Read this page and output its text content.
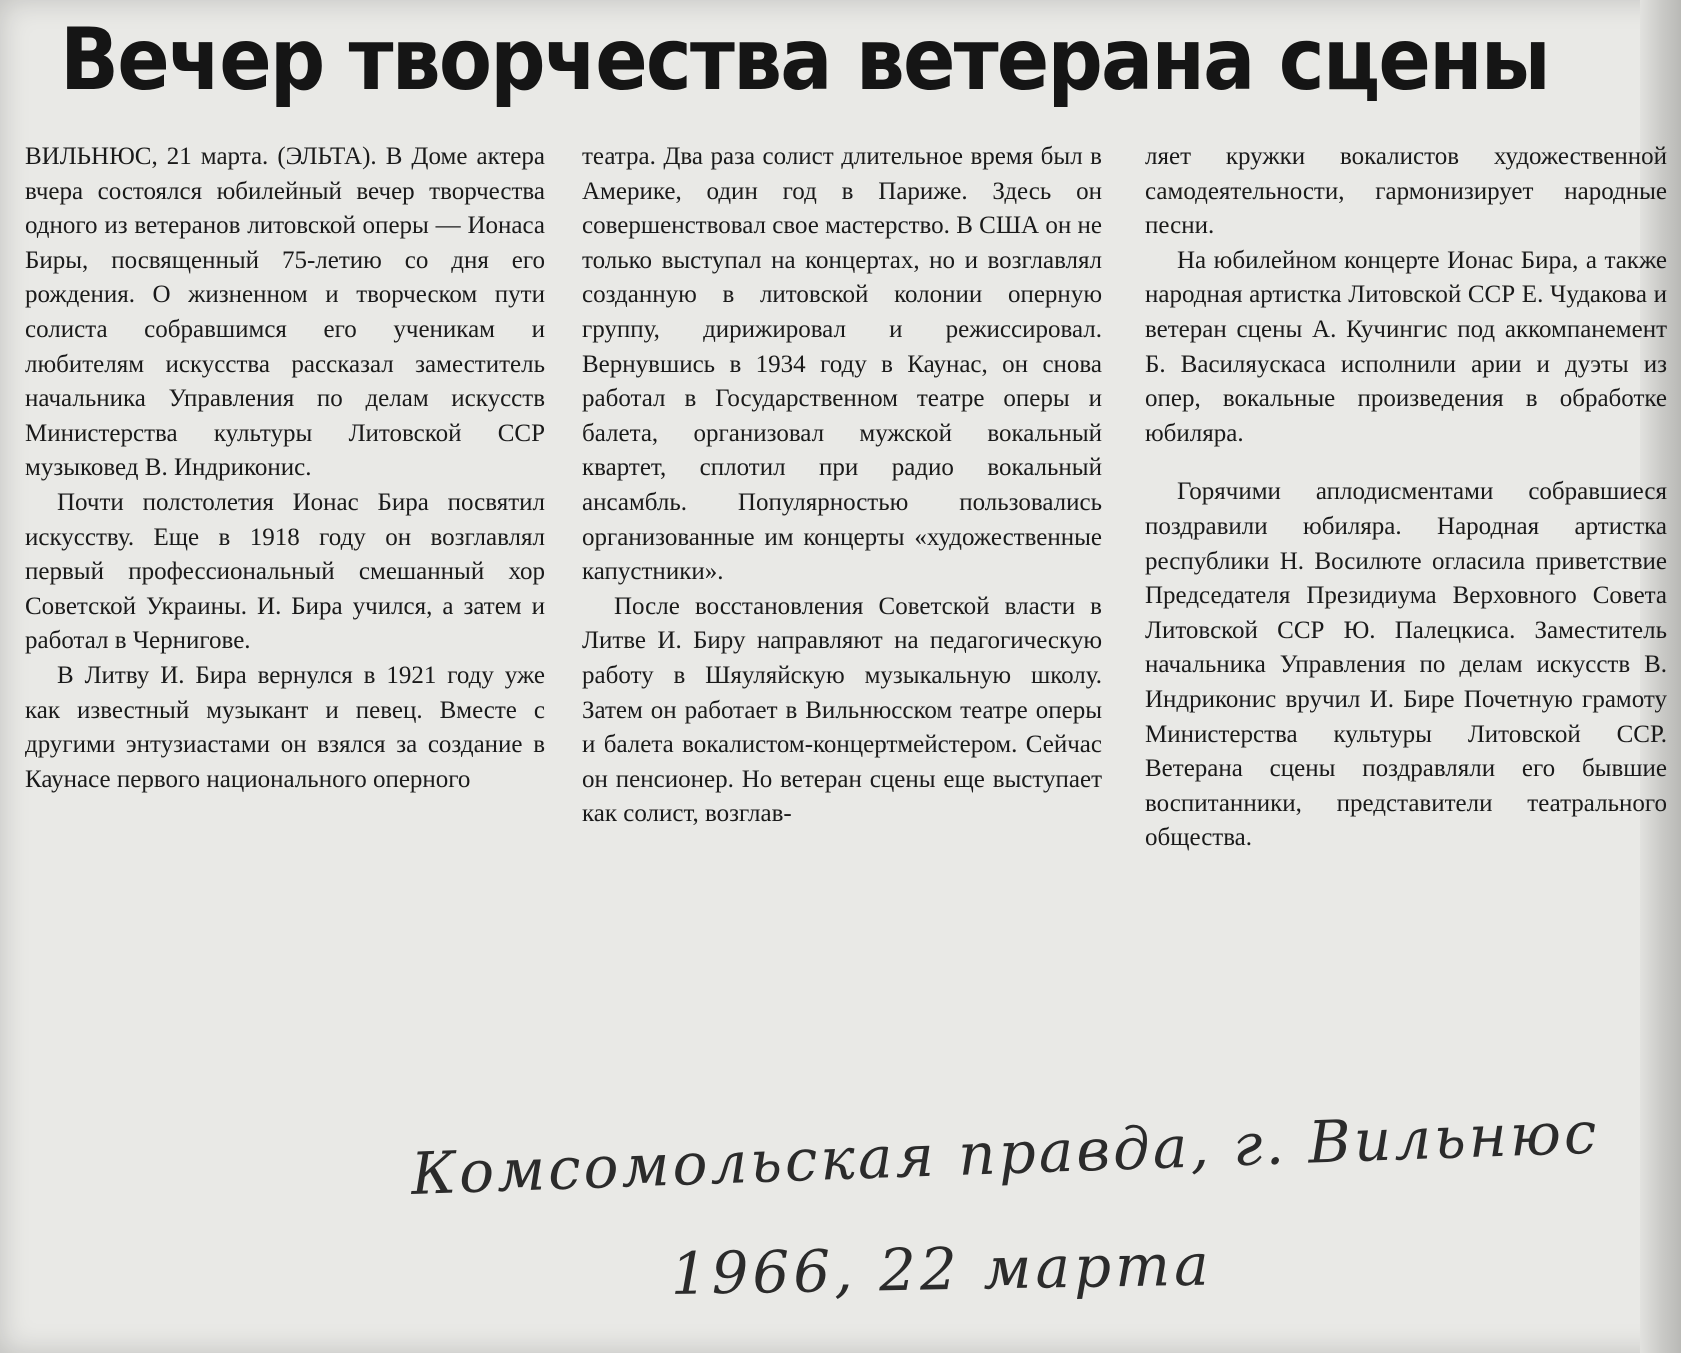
Вечер творчества ветерана сцены

ВИЛЬНЮС, 21 марта. (ЭЛЬТА). В Доме актера вчера состоялся юбилейный вечер творчества одного из ветеранов литовской оперы — Ионаса Биры, посвященный 75-летию со дня его рождения. О жизненном и творческом пути солиста собравшимся его ученикам и любителям искусства рассказал заместитель начальника Управления по делам искусств Министерства культуры Литовской ССР музыковед В. Индриконис.

Почти полстолетия Ионас Бира посвятил искусству. Еще в 1918 году он возглавлял первый профессиональный смешанный хор Советской Украины. И. Бира учился, а затем и работал в Чернигове.

В Литву И. Бира вернулся в 1921 году уже как известный музыкант и певец. Вместе с другими энтузиастами он взялся за создание в Каунасе первого национального оперного

театра. Два раза солист длительное время был в Америке, один год в Париже. Здесь он совершенствовал свое мастерство. В США он не только выступал на концертах, но и возглавлял созданную в литовской колонии оперную группу, дирижировал и режиссировал. Вернувшись в 1934 году в Каунас, он снова работал в Государственном театре оперы и балета, организовал мужской вокальный квартет, сплотил при радио вокальный ансамбль. Популярностью пользовались организованные им концерты «художественные капустники».

После восстановления Советской власти в Литве И. Биру направляют на педагогическую работу в Шяуляйскую музыкальную школу. Затем он работает в Вильнюсском театре оперы и балета вокалистом-концертмейстером. Сейчас он пенсионер. Но ветеран сцены еще выступает как солист, возглав-

ляет кружки вокалистов художественной самодеятельности, гармонизирует народные песни.

На юбилейном концерте Ионас Бира, а также народная артистка Литовской ССР Е. Чудакова и ветеран сцены А. Кучингис под аккомпанемент Б. Василяускаса исполнили арии и дуэты из опер, вокальные произведения в обработке юбиляра.

Горячими аплодисментами собравшиеся поздравили юбиляра. Народная артистка республики Н. Восилюте огласила приветствие Председателя Президиума Верховного Совета Литовской ССР Ю. Палецкиса. Заместитель начальника Управления по делам искусств В. Индриконис вручил И. Бире Почетную грамоту Министерства культуры Литовской ССР. Ветерана сцены поздравляли его бывшие воспитанники, представители театрального общества.

Комсомольская правда, г. Вильнюс
1966, 22 марта
